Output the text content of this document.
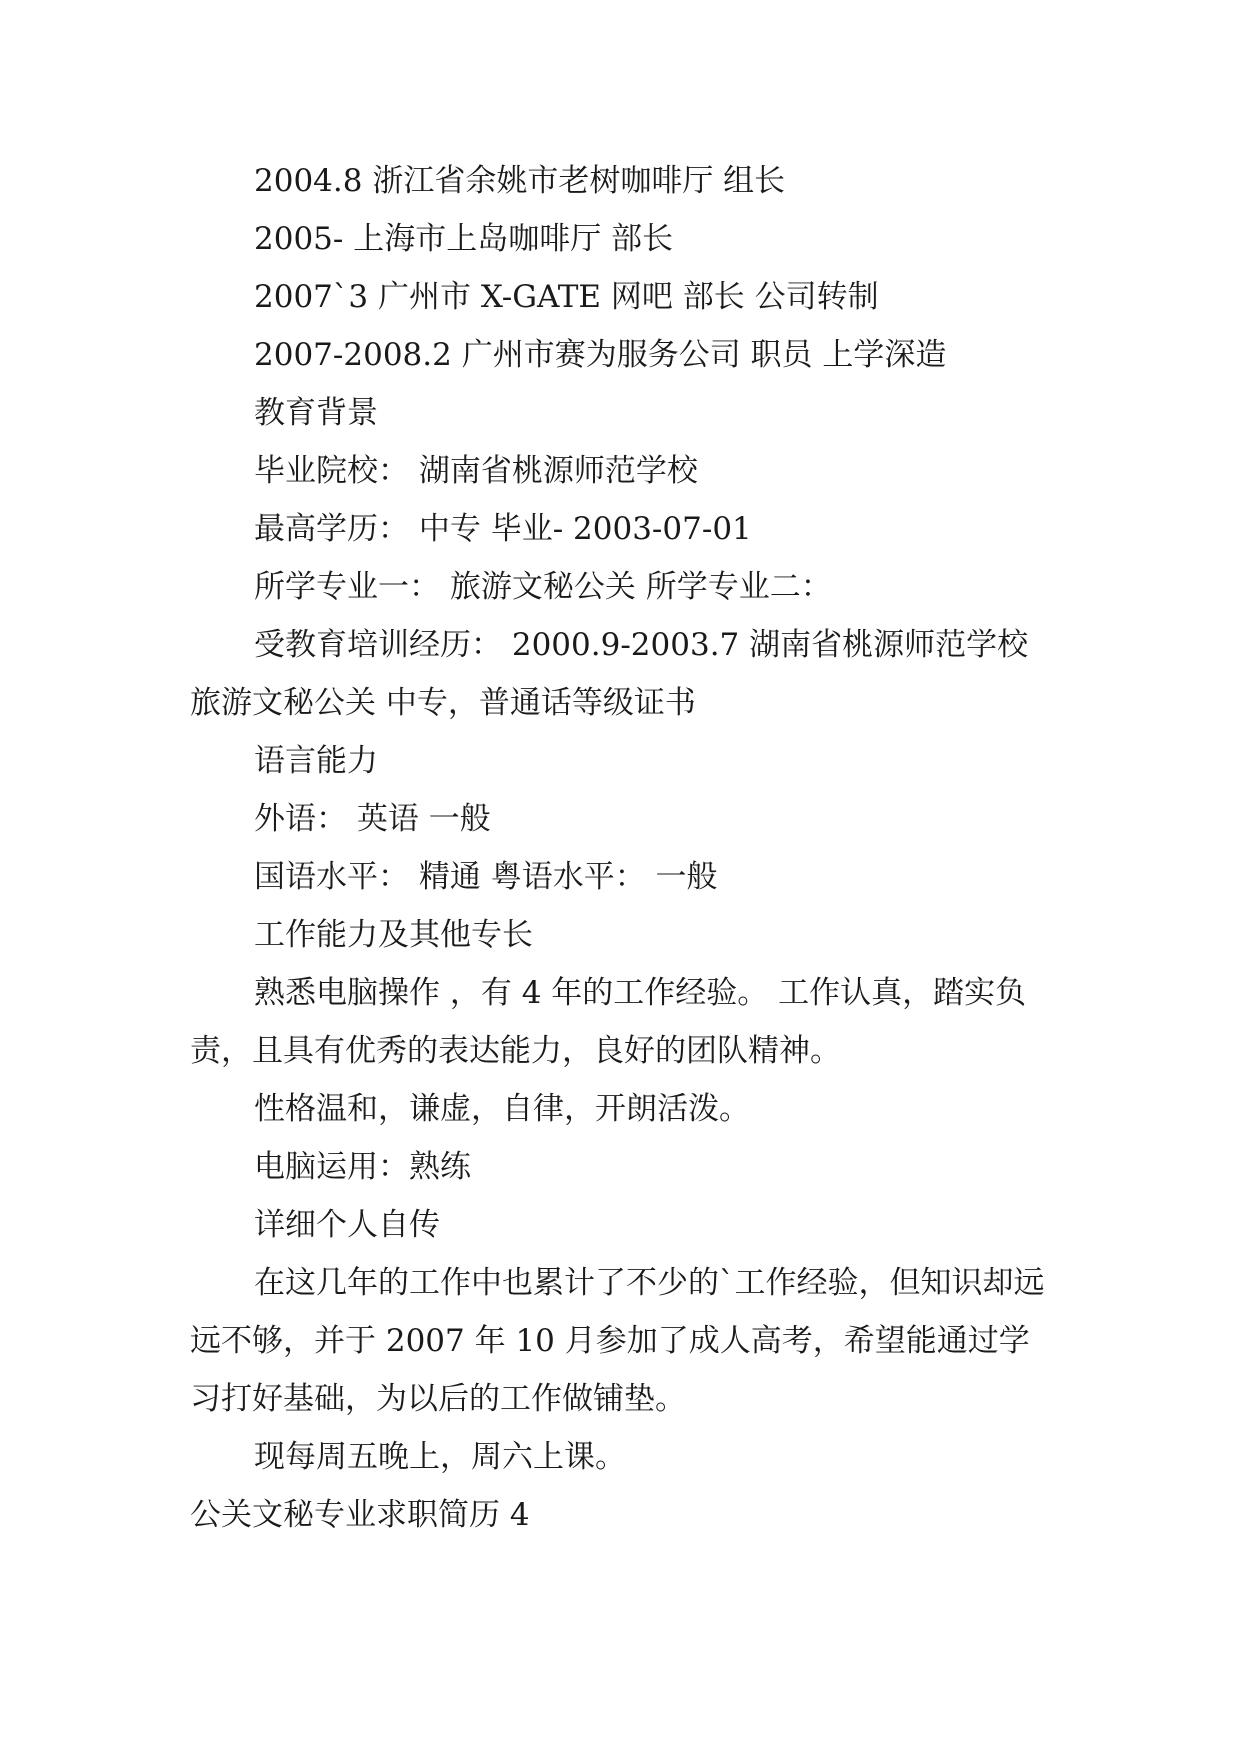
2004.8 浙江省余姚市老树咖啡厅 组长

2005- 上海市上岛咖啡厅 部长

2007`3 广州市 X-GATE 网吧 部长 公司转制

2007-2008.2 广州市赛为服务公司 职员 上学深造

教育背景

毕业院校： 湖南省桃源师范学校

最高学历： 中专 毕业- 2003-07-01

所学专业一： 旅游文秘公关 所学专业二：

受教育培训经历： 2000.9-2003.7 湖南省桃源师范学校 旅游文秘公关 中专，普通话等级证书

语言能力

外语： 英语 一般

国语水平： 精通 粤语水平： 一般

工作能力及其他专长

熟悉电脑操作 ，有 4 年的工作经验。 工作认真，踏实负责，且具有优秀的表达能力，良好的团队精神。

性格温和，谦虚，自律，开朗活泼。

电脑运用：熟练

详细个人自传

在这几年的工作中也累计了不少的`工作经验，但知识却远远不够，并于 2007 年 10 月参加了成人高考，希望能通过学习打好基础，为以后的工作做铺垫。

现每周五晚上，周六上课。

公关文秘专业求职简历 4
